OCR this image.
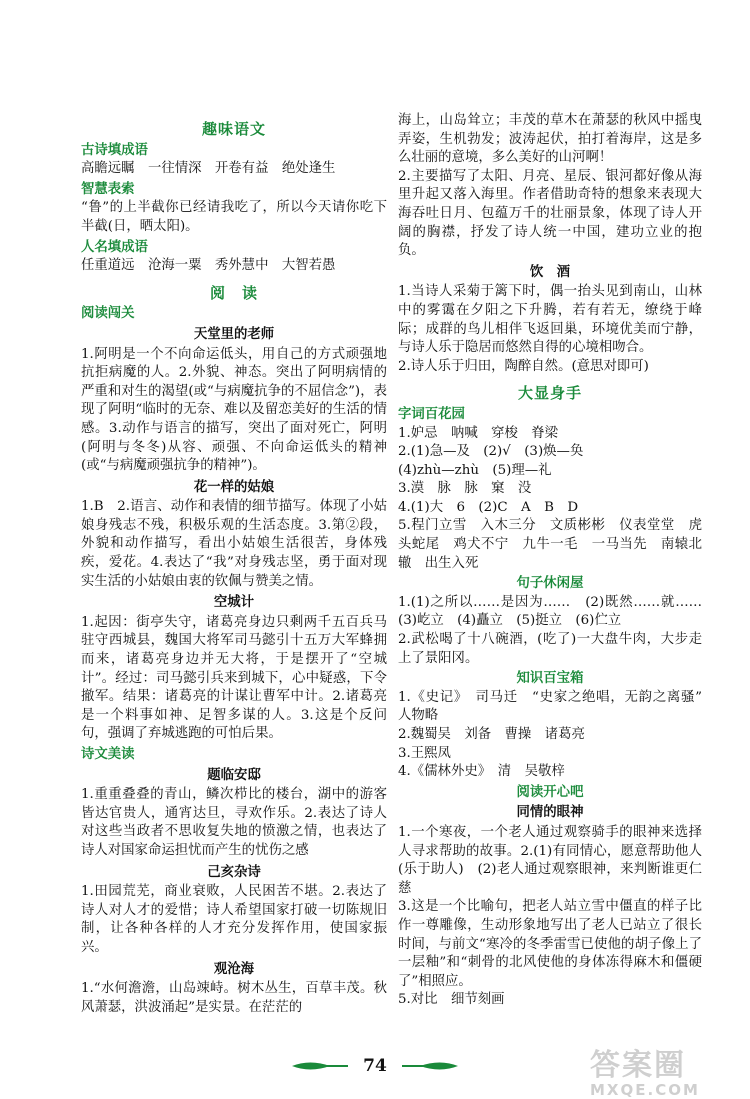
趣味语文
古诗填成语

高瞻远瞩　一往情深　开卷有益　绝处逢生

智慧表索

“鲁”的上半截你已经请我吃了，所以今天请你吃下半截(日，晒太阳)。

人名填成语

任重道远　沧海一粟　秀外慧中　大智若愚

阅　读
阅读闯关
天堂里的老师

1.阿明是一个不向命运低头，用自己的方式顽强地抗拒病魔的人。2.外貌、神态。突出了阿明病情的严重和对生的渴望(或“与病魔抗争的不屈信念”)，表现了阿明“临时的无奈、难以及留恋美好的生活的情感。3.动作与语言的描写，突出了面对死亡，阿明(阿明与冬冬)从容、顽强、不向命运低头的精神(或“与病魔顽强抗争的精神”)。

花一样的姑娘

1.B　2.语言、动作和表情的细节描写。体现了小姑娘身残志不残，积极乐观的生活态度。3.第②段，外貌和动作描写，看出小姑娘生活很苦，身体残疾，爱花。4.表达了“我”对身残志坚，勇于面对现实生活的小姑娘由衷的钦佩与赞美之情。

空城计

1.起因：街亭失守，诸葛亮身边只剩两千五百兵马驻守西城县，魏国大将军司马懿引十五万大军蜂拥而来，诸葛亮身边并无大将，于是摆开了“空城计”。经过：司马懿引兵来到城下，心中疑惑，下令撤军。结果：诸葛亮的计谋让曹军中计。2.诸葛亮是一个料事如神、足智多谋的人。3.这是个反问句，强调了弃城逃跑的可怕后果。

诗文美读
题临安邸

1.重重叠叠的青山，鳞次栉比的楼台，湖中的游客皆达官贵人，通宵达旦，寻欢作乐。2.表达了诗人对这些当政者不思收复失地的愤激之情，也表达了诗人对国家命运担忧而产生的忧伤之感

己亥杂诗

1.田园荒芜，商业衰败，人民困苦不堪。2.表达了诗人对人才的爱惜；诗人希望国家打破一切陈规旧制，让各种各样的人才充分发挥作用，使国家振兴。

观沧海

1.“水何澹澹，山岛竦峙。树木丛生，百草丰茂。秋风萧瑟，洪波涌起”是实景。在茫茫的

海上，山岛耸立；丰茂的草木在萧瑟的秋风中摇曳弄姿，生机勃发；波涛起伏，拍打着海岸，这是多么壮丽的意境，多么美好的山河啊！

2.主要描写了太阳、月亮、星辰、银河都好像从海里升起又落入海里。作者借助奇特的想象来表现大海吞吐日月、包蕴万千的壮丽景象，体现了诗人开阔的胸襟，抒发了诗人统一中国，建功立业的抱负。

饮　酒

1.当诗人采菊于篱下时，偶一抬头见到南山，山林中的雾霭在夕阳之下升腾，若有若无，缭绕于峰际；成群的鸟儿相伴飞返回巢，环境优美而宁静，与诗人乐于隐居而悠然自得的心境相吻合。

2.诗人乐于归田，陶醉自然。(意思对即可)

大显身手
字词百花园

1.妒忌　呐喊　穿梭　脊梁

2.(1)急—及　(2)√　(3)焕—奂

(4)zhù—zhù　(5)理—礼

3.漠　脉　脉　窠　没

4.(1)大　6　(2)C　A　B　D

5.程门立雪　入木三分　文质彬彬　仪表堂堂　虎头蛇尾　鸡犬不宁　九牛一毛　一马当先　南辕北辙　出生入死

句子休闲屋

1.(1)之所以……是因为……　(2)既然……就……　(3)屹立　(4)矗立　(5)挺立　(6)伫立

2.武松喝了十八碗酒，(吃了)一大盘牛肉，大步走上了景阳冈。

知识百宝箱

1.《史记》　司马迁　“史家之绝唱，无韵之离骚”　人物略

2.魏蜀吴　刘备　曹操　诸葛亮

3.王熙凤

4.《儒林外史》　清　吴敬梓

阅读开心吧
同情的眼神

1.一个寒夜，一个老人通过观察骑手的眼神来选择人寻求帮助的故事。2.(1)有同情心，愿意帮助他人(乐于助人)　(2)老人通过观察眼神，来判断谁更仁慈

3.这是一个比喻句，把老人站立雪中僵直的样子比作一尊雕像，生动形象地写出了老人已站立了很长时间，与前文“寒冷的冬季雷雪已使他的胡子像上了一层釉”和“刺骨的北风使他的身体冻得麻木和僵硬了”相照应。

5.对比　细节刻画

74	答案圈
MXQE.COM
